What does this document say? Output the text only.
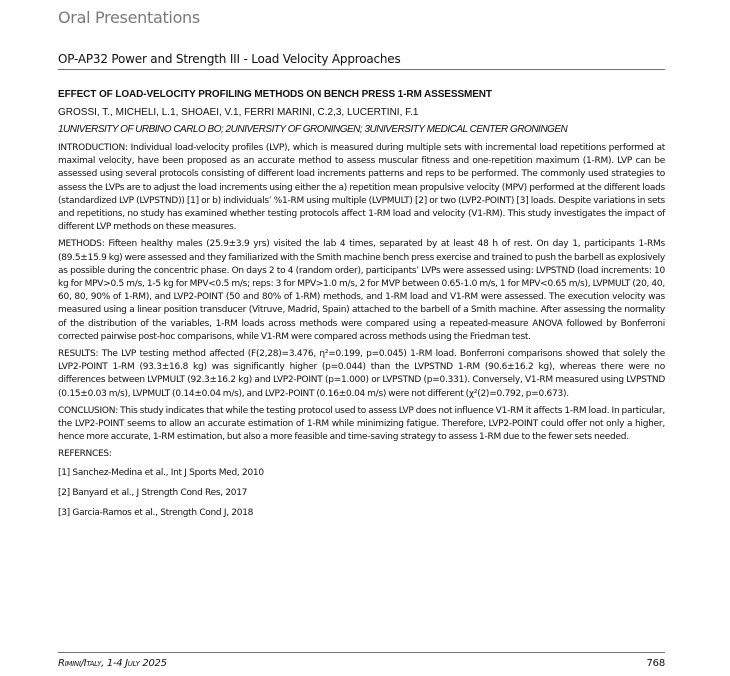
Oral Presentations
OP-AP32 Power and Strength III - Load Velocity Approaches

EFFECT OF LOAD-VELOCITY PROFILING METHODS ON BENCH PRESS 1-RM ASSESSMENT

GROSSI, T., MICHELI, L.1, SHOAEI, V.1, FERRI MARINI, C.2,3, LUCERTINI, F.1

1UNIVERSITY OF URBINO CARLO BO; 2UNIVERSITY OF GRONINGEN; 3UNIVERSITY MEDICAL CENTER GRONINGEN

INTRODUCTION: Individual load-velocity profiles (LVP), which is measured during multiple sets with incremental load repetitions performed at maximal velocity, have been proposed as an accurate method to assess muscular fitness and one-repetition maximum (1-RM). LVP can be assessed using several protocols consisting of different load increments patterns and reps to be performed. The commonly used strategies to assess the LVPs are to adjust the load increments using either the a) repetition mean propulsive velocity (MPV) performed at the different loads (standardized LVP (LVPSTND)) [1] or b) individuals’ %1-RM using multiple (LVPMULT) [2] or two (LVP2-POINT) [3] loads. Despite variations in sets and repetitions, no study has examined whether testing protocols affect 1-RM load and velocity (V1-RM). This study investigates the impact of different LVP methods on these measures.

METHODS: Fifteen healthy males (25.9±3.9 yrs) visited the lab 4 times, separated by at least 48 h of rest. On day 1, participants 1-RMs (89.5±15.9 kg) were assessed and they familiarized with the Smith machine bench press exercise and trained to push the barbell as explosively as possible during the concentric phase. On days 2 to 4 (random order), participants’ LVPs were assessed using: LVPSTND (load increments: 10 kg for MPV>0.5 m/s, 1-5 kg for MPV<0.5 m/s; reps: 3 for MPV>1.0 m/s, 2 for MVP between 0.65-1.0 m/s, 1 for MPV<0.65 m/s), LVPMULT (20, 40, 60, 80, 90% of 1-RM), and LVP2-POINT (50 and 80% of 1-RM) methods, and 1-RM load and V1-RM were assessed. The execution velocity was measured using a linear position transducer (Vitruve, Madrid, Spain) attached to the barbell of a Smith machine. After assessing the normality of the distribution of the variables, 1-RM loads across methods were compared using a repeated-measure ANOVA followed by Bonferroni corrected pairwise post-hoc comparisons, while V1-RM were compared across methods using the Friedman test.

RESULTS: The LVP testing method affected (F(2,28)=3.476, η²=0.199, p=0.045) 1-RM load. Bonferroni comparisons showed that solely the LVP2-POINT 1-RM (93.3±16.8 kg) was significantly higher (p=0.044) than the LVPSTND 1-RM (90.6±16.2 kg), whereas there were no differences between LVPMULT (92.3±16.2 kg) and LVP2-POINT (p=1.000) or LVPSTND (p=0.331). Conversely, V1-RM measured using LVPSTND (0.15±0.03 m/s), LVPMULT (0.14±0.04 m/s), and LVP2-POINT (0.16±0.04 m/s) were not different (χ²(2)=0.792, p=0.673).

CONCLUSION: This study indicates that while the testing protocol used to assess LVP does not influence V1-RM it affects 1-RM load. In particular, the LVP2-POINT seems to allow an accurate estimation of 1-RM while minimizing fatigue. Therefore, LVP2-POINT could offer not only a higher, hence more accurate, 1-RM estimation, but also a more feasible and time-saving strategy to assess 1-RM due to the fewer sets needed.

REFERNCES:

[1] Sanchez-Medina et al., Int J Sports Med, 2010

[2] Banyard et al., J Strength Cond Res, 2017

[3] Garcia-Ramos et al., Strength Cond J, 2018

Rimini/Italy, 1-4 July 2025	768
